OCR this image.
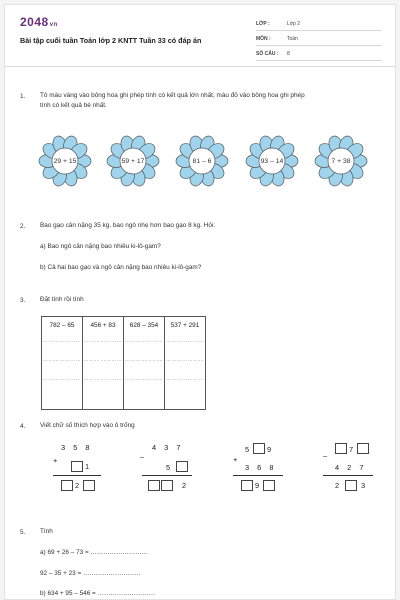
2048vn
Bài tập cuối tuần Toán lớp 2 KNTT Tuần 33 có đáp án
LỚP :	Lớp 2
MÔN :	Toán
SỐ CÂU : 8
1. Tô màu vàng vào bông hoa ghi phép tính có kết quả lớn nhất, màu đỏ vào bông hoa ghi phép
tính có kết quả bé nhất.
29 + 15	59 + 17	81 – 6	93 – 14	7 + 38
2. Bao gạo cân nặng 35 kg, bao ngô nhẹ hơn bao gạo 8 kg. Hỏi:
a) Bao ngô cân nặng bao nhiêu ki-lô-gam?
b) Cả hai bao gạo và ngô cân nặng bao nhiêu ki-lô-gam?
3. Đặt tính rồi tính
782 – 65
…………………
…………………
…………………

456 + 83
…………………
…………………
…………………

628 – 354
…………………
…………………
…………………

537 + 291
…………………
…………………
…………………
4. Viết chữ số thích hợp vào ô trống
3 5 8
+
1
2
4 3 7
–
5
2
5 9
+
3 6 8
9
7
–
4 2 7
2	3
5. Tính
a) 69 + 26 – 73 = ………………………
92 – 35 + 23 = ………………………
b) 634 + 95 – 546 = ………………………
